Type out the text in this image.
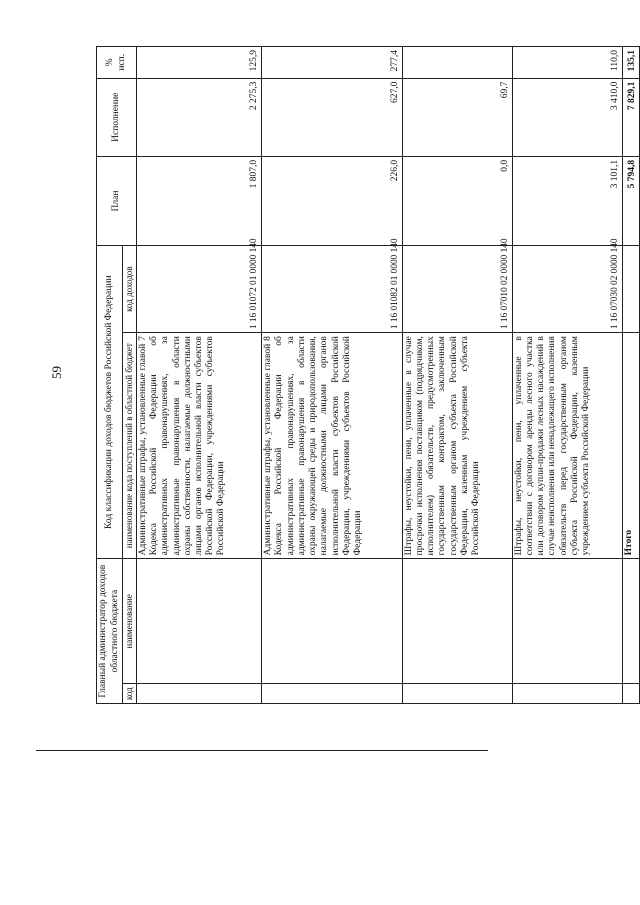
59
Главный администратор доходов областного бюджета		Код классификации доходов бюджетов Российской Федерации		План	Исполнение	% исп.
код	наименование	наименование кода поступлений в областной бюджет	код доходов			
		Административные штрафы, установленные главой 7 Кодекса Российской Федерации об административных правонарушениях, за административные правонарушения в области охраны собственности, налагаемые должностными лицами органов исполнительной власти субъектов Российской Федерации, учреждениями субъектов Российской Федерации	1 16 01072 01 0000 140	1 807,0	2 275,3	125,9
		Административные штрафы, установленные главой 8 Кодекса Российской Федерации об административных правонарушениях, за административные правонарушения в области охраны окружающей среды и природопользования, налагаемые должностными лицами органов исполнительной власти субъектов Российской Федерации, учреждениями субъектов Российской Федерации	1 16 01082 01 0000 140	226,0	627,0	277,4
		Штрафы, неустойки, пени, уплаченные в случае просрочки исполнения поставщиком (подрядчиком, исполнителем) обязательств, предусмотренных государственным контрактом, заключенным государственным органом субъекта Российской Федерации, казенным учреждением субъекта Российской Федерации	1 16 07010 02 0000 140	0,0	69,7	
		Штрафы, неустойки, пени, уплаченные в соответствии с договором аренды лесного участка или договором купли-продажи лесных насаждений в случае неисполнения или ненадлежащего исполнения обязательств перед государственным органом субъекта Российской Федерации, казенным учреждением субъекта Российской Федерации	1 16 07030 02 0000 140	3 101,1	3 410,0	110,0
		Итого		5 794,8	7 829,1	135,1
